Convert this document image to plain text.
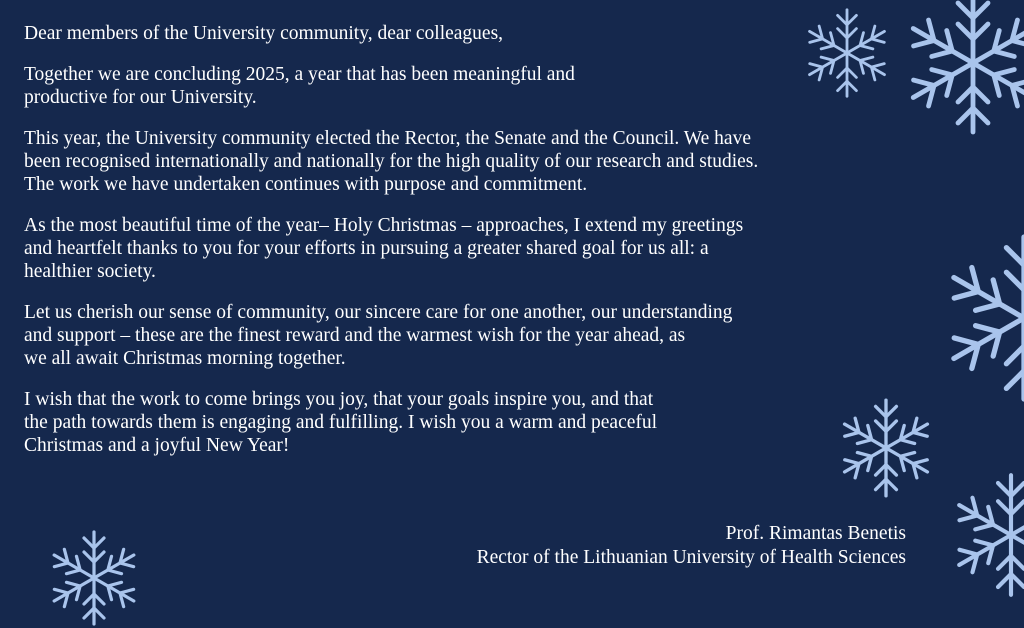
Dear members of the University community, dear colleagues,

Together we are concluding 2025, a year that has been meaningful and
productive for our University.

This year, the University community elected the Rector, the Senate and the Council. We have
been recognised internationally and nationally for the high quality of our research and studies.
The work we have undertaken continues with purpose and commitment.

As the most beautiful time of the year– Holy Christmas – approaches, I extend my greetings
and heartfelt thanks to you for your efforts in pursuing a greater shared goal for us all: a
healthier society.

Let us cherish our sense of community, our sincere care for one another, our understanding
and support – these are the finest reward and the warmest wish for the year ahead, as
we all await Christmas morning together.

I wish that the work to come brings you joy, that your goals inspire you, and that
the path towards them is engaging and fulfilling. I wish you a warm and peaceful
Christmas and a joyful New Year!

Prof. Rimantas Benetis
Rector of the Lithuanian University of Health Sciences
